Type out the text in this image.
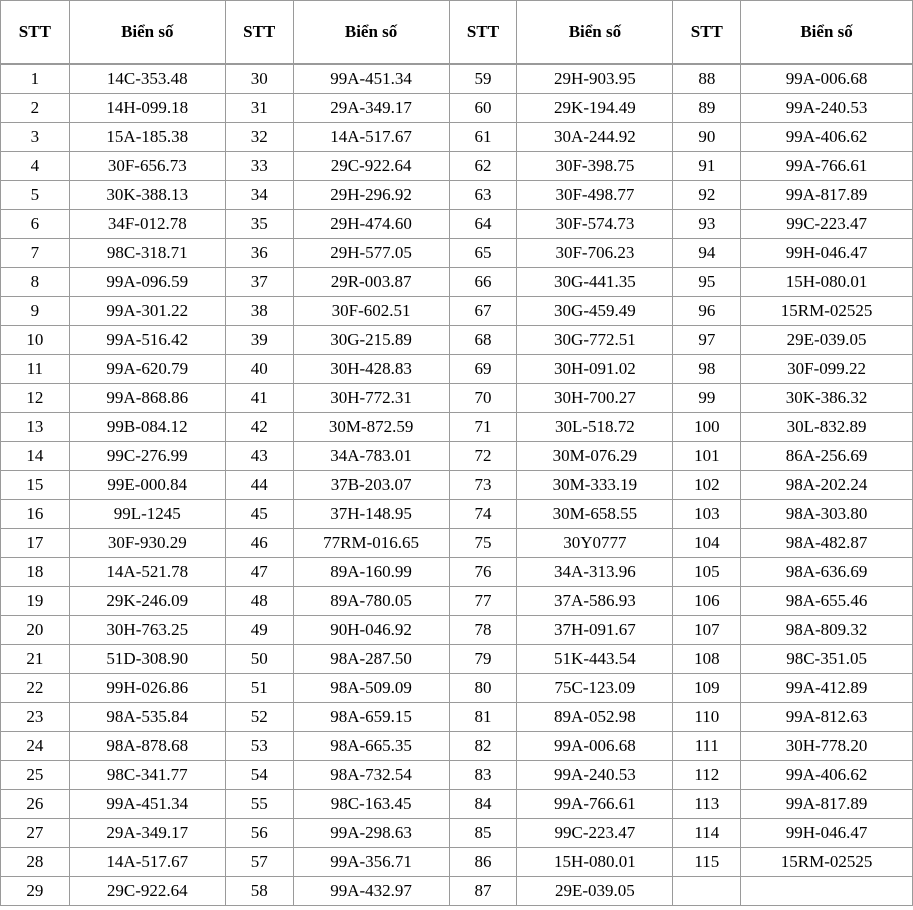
STT	Biển số	STT	Biển số	STT	Biển số	STT	Biển số
1	14C-353.48	30	99A-451.34	59	29H-903.95	88	99A-006.68
2	14H-099.18	31	29A-349.17	60	29K-194.49	89	99A-240.53
3	15A-185.38	32	14A-517.67	61	30A-244.92	90	99A-406.62
4	30F-656.73	33	29C-922.64	62	30F-398.75	91	99A-766.61
5	30K-388.13	34	29H-296.92	63	30F-498.77	92	99A-817.89
6	34F-012.78	35	29H-474.60	64	30F-574.73	93	99C-223.47
7	98C-318.71	36	29H-577.05	65	30F-706.23	94	99H-046.47
8	99A-096.59	37	29R-003.87	66	30G-441.35	95	15H-080.01
9	99A-301.22	38	30F-602.51	67	30G-459.49	96	15RM-02525
10	99A-516.42	39	30G-215.89	68	30G-772.51	97	29E-039.05
11	99A-620.79	40	30H-428.83	69	30H-091.02	98	30F-099.22
12	99A-868.86	41	30H-772.31	70	30H-700.27	99	30K-386.32
13	99B-084.12	42	30M-872.59	71	30L-518.72	100	30L-832.89
14	99C-276.99	43	34A-783.01	72	30M-076.29	101	86A-256.69
15	99E-000.84	44	37B-203.07	73	30M-333.19	102	98A-202.24
16	99L-1245	45	37H-148.95	74	30M-658.55	103	98A-303.80
17	30F-930.29	46	77RM-016.65	75	30Y0777	104	98A-482.87
18	14A-521.78	47	89A-160.99	76	34A-313.96	105	98A-636.69
19	29K-246.09	48	89A-780.05	77	37A-586.93	106	98A-655.46
20	30H-763.25	49	90H-046.92	78	37H-091.67	107	98A-809.32
21	51D-308.90	50	98A-287.50	79	51K-443.54	108	98C-351.05
22	99H-026.86	51	98A-509.09	80	75C-123.09	109	99A-412.89
23	98A-535.84	52	98A-659.15	81	89A-052.98	110	99A-812.63
24	98A-878.68	53	98A-665.35	82	99A-006.68	111	30H-778.20
25	98C-341.77	54	98A-732.54	83	99A-240.53	112	99A-406.62
26	99A-451.34	55	98C-163.45	84	99A-766.61	113	99A-817.89
27	29A-349.17	56	99A-298.63	85	99C-223.47	114	99H-046.47
28	14A-517.67	57	99A-356.71	86	15H-080.01	115	15RM-02525
29	29C-922.64	58	99A-432.97	87	29E-039.05		
